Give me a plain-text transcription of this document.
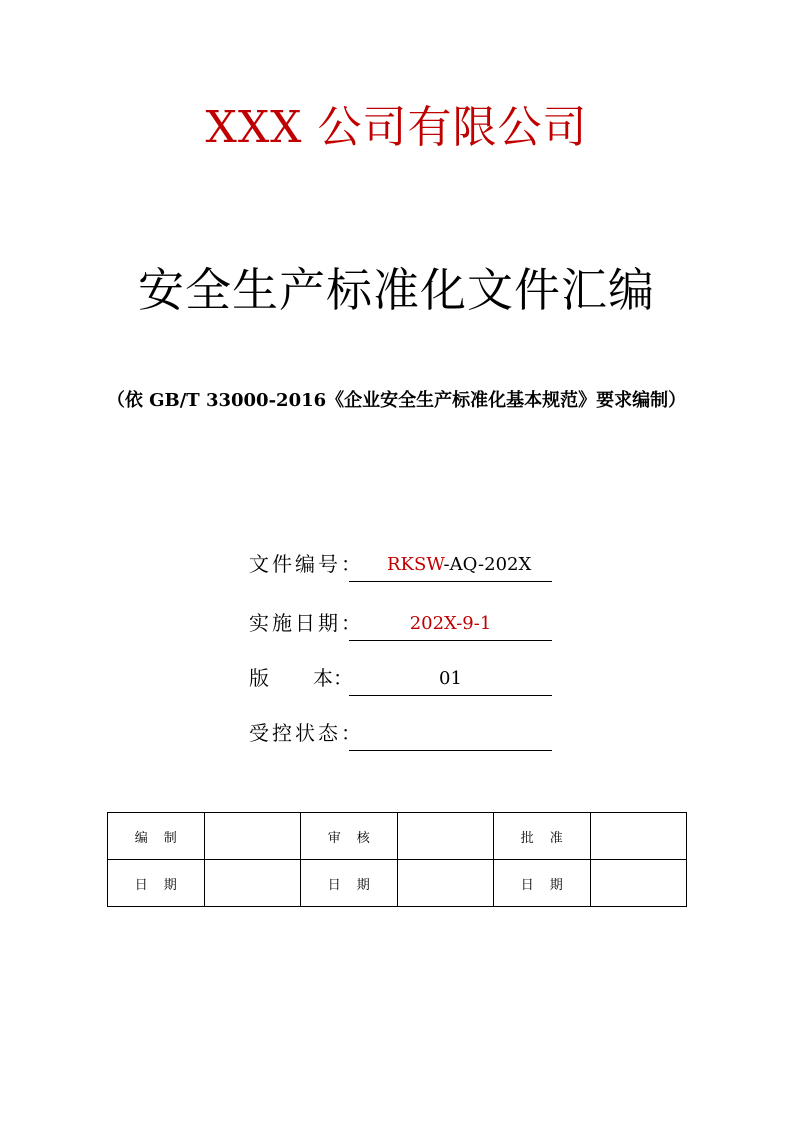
XXX 公司有限公司
安全生产标准化文件汇编
（依 GB/T 33000-2016《企业安全生产标准化基本规范》要求编制）
文件编号：	RKSW-AQ-202X
实施日期：	202X-9-1
版 本：	01
受控状态：
编制		审核		批准	
日期		日期		日期	
